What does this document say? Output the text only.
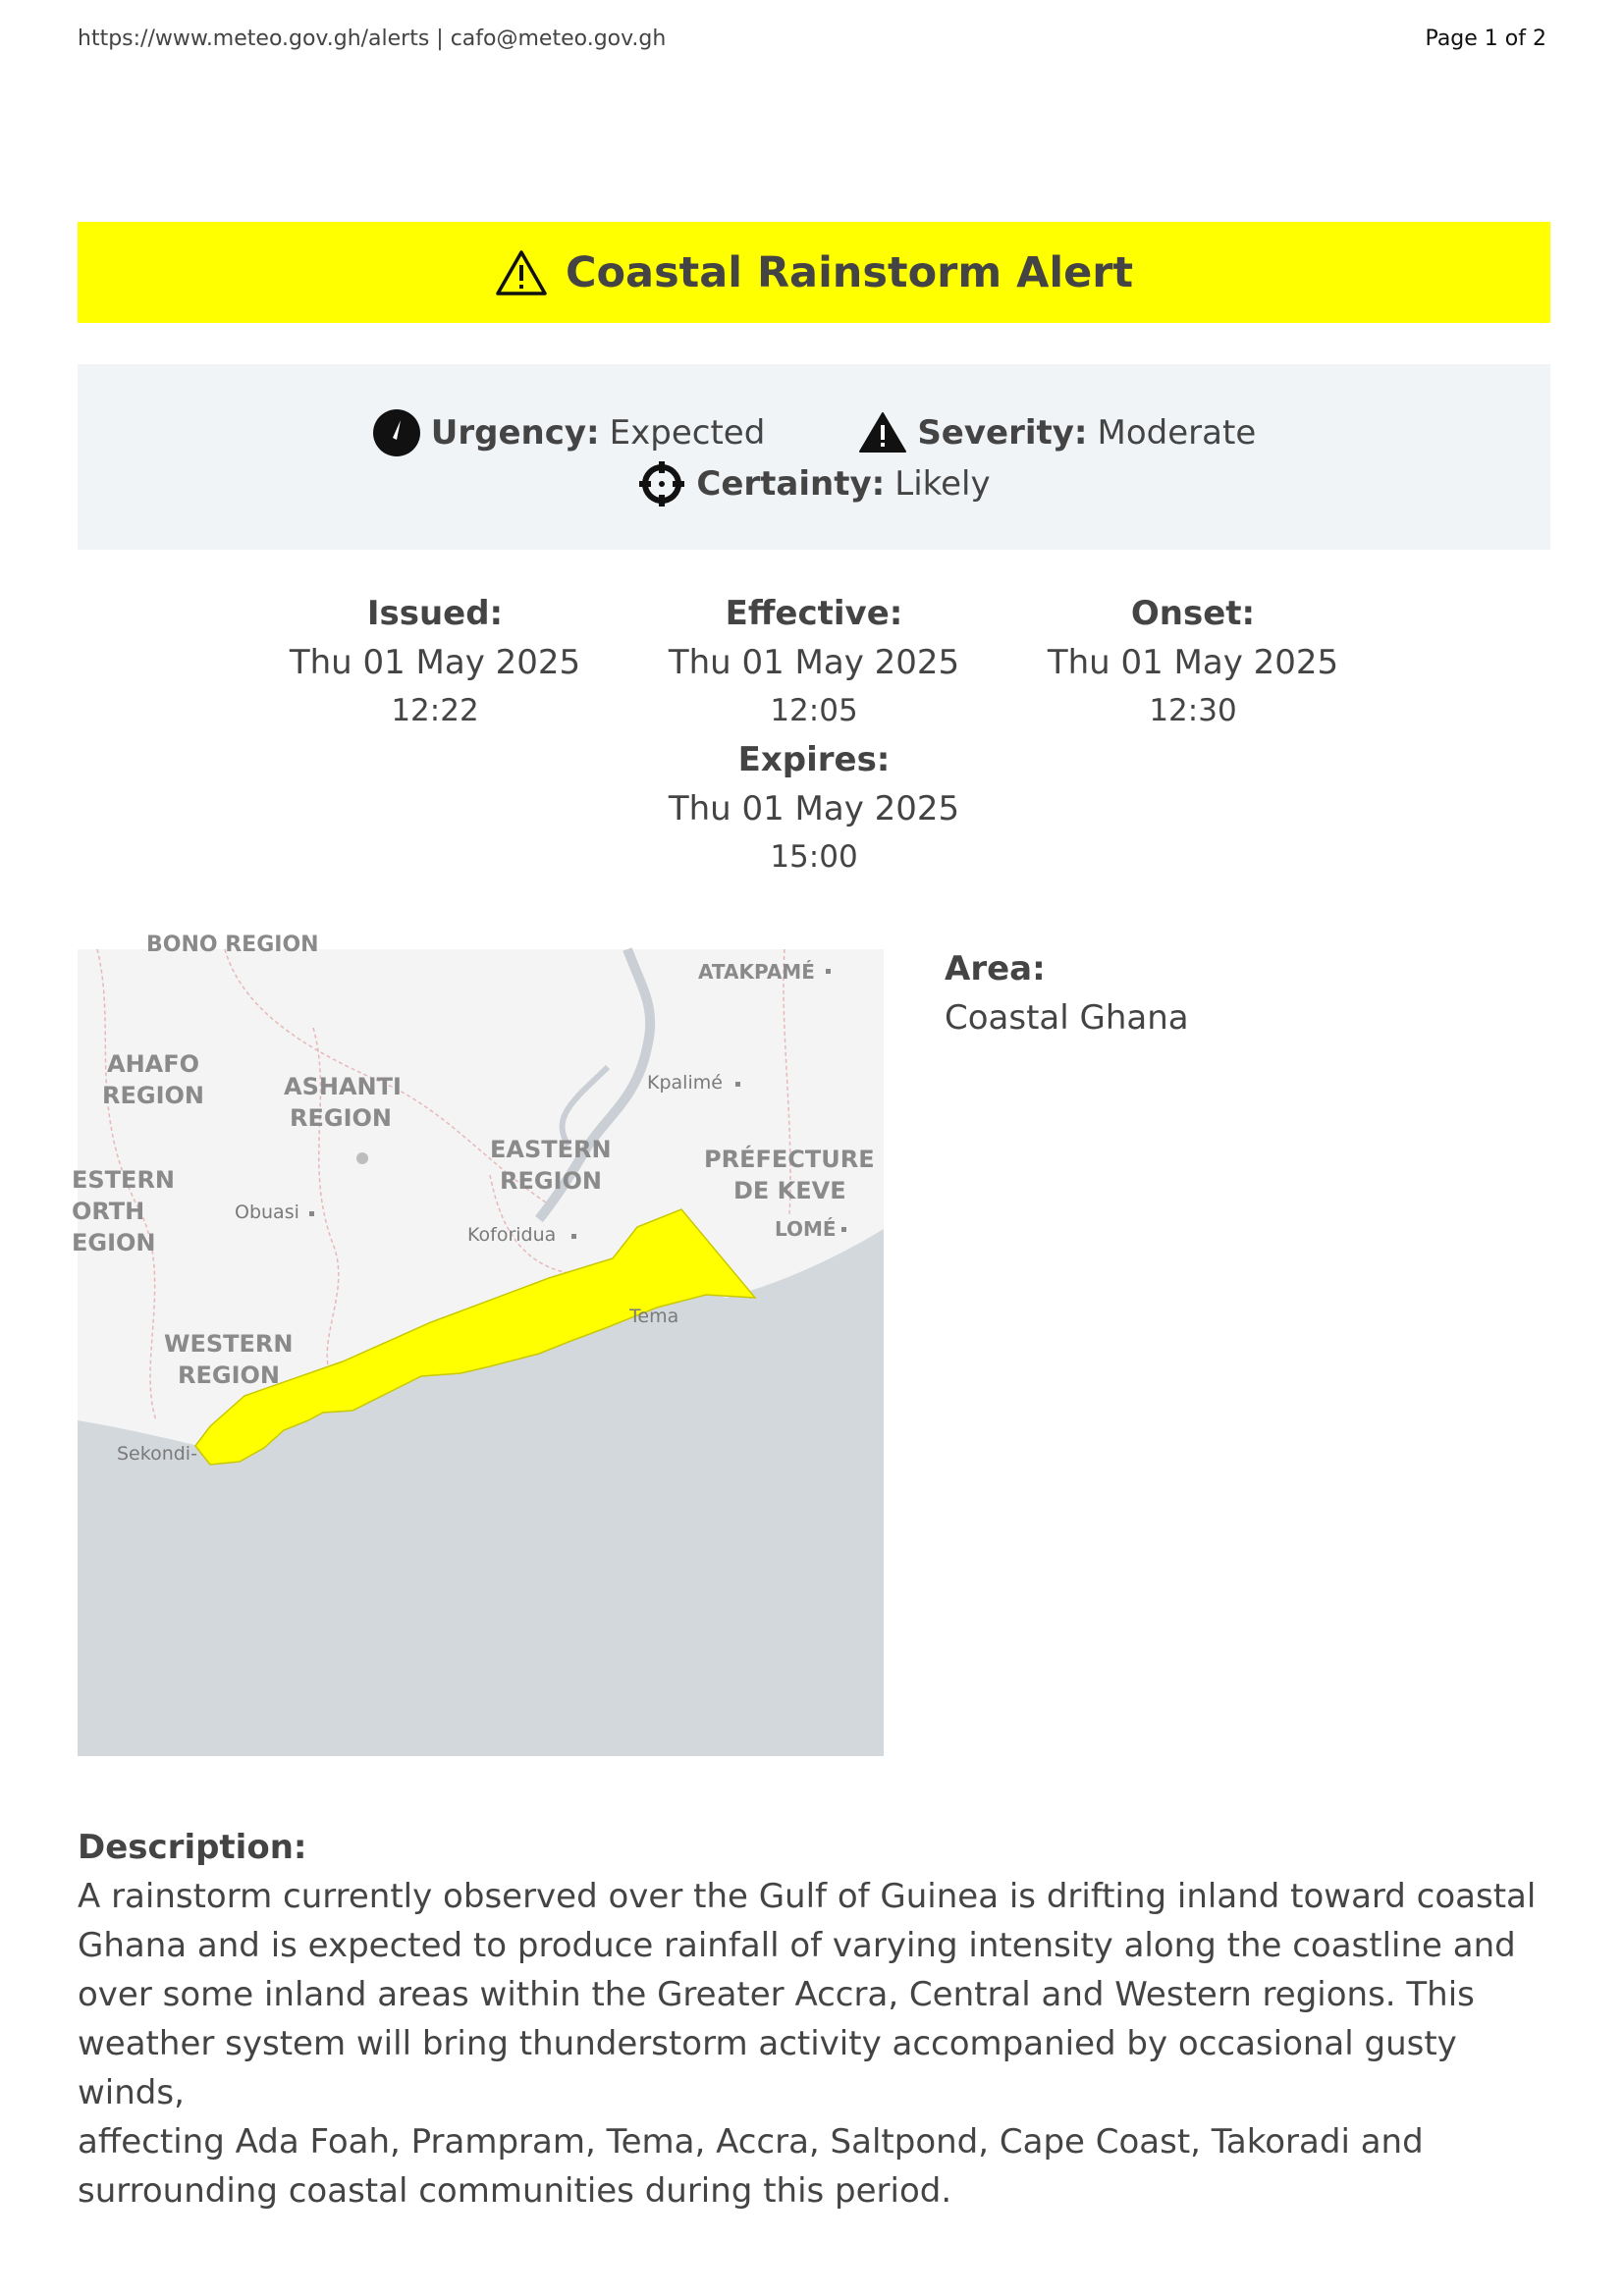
https://www.meteo.gov.gh/alerts | cafo@meteo.gov.gh	Page 1 of 2
Coastal Rainstorm Alert
Urgency: Expected	Severity: Moderate
Certainty: Likely
Issued:
Thu 01 May 2025
12:22
Effective:
Thu 01 May 2025
12:05
Onset:
Thu 01 May 2025
12:30
Expires:
Thu 01 May 2025
15:00
BONO REGION
ATAKPAMÉ
AHAFO
REGION	ASHANTI
REGION
Kpalimé
EASTERN
REGION
PRÉFECTURE
DE KEVE
ESTERN
ORTH
EGION
Obuasi
Koforidua	LOMÉ
Tema
WESTERN
REGION
Sekondi-
Area:
Coastal Ghana
Description:

A rainstorm currently observed over the Gulf of Guinea is drifting inland toward coastal

Ghana and is expected to produce rainfall of varying intensity along the coastline and

over some inland areas within the Greater Accra, Central and Western regions. This

weather system will bring thunderstorm activity accompanied by occasional gusty winds,

affecting Ada Foah, Prampram, Tema, Accra, Saltpond, Cape Coast, Takoradi and

surrounding coastal communities during this period.
